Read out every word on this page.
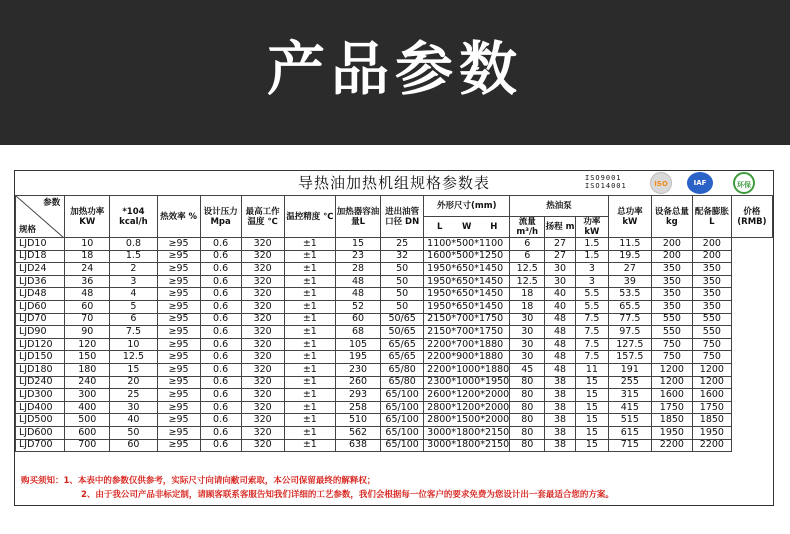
产品参数
导热油加热机组规格参数表	ISO9001
ISO14001	ISO	IAF	环保
参数
规格	加热功率KW	*104 kcal/h	热效率 %	设计压力 Mpa	最高工作温度 ℃	温控精度 ℃	加热器容油量L	进出油管口径 DN	外形尺寸(mm)	热油泵			总功率 kW	设备总量kg	配备膨胀L	价格 (RMB)
									L W H	流量 m³/h	扬程 m	功率 kW				
LJD10	10	0.8	≥95	0.6	320	±1	15	25	1100*500*1100	6	27	1.5	11.5	200	200	
LJD18	18	1.5	≥95	0.6	320	±1	23	32	1600*500*1250	6	27	1.5	19.5	200	200	
LJD24	24	2	≥95	0.6	320	±1	28	50	1950*650*1450	12.5	30	3	27	350	350	
LJD36	36	3	≥95	0.6	320	±1	48	50	1950*650*1450	12.5	30	3	39	350	350	
LJD48	48	4	≥95	0.6	320	±1	48	50	1950*650*1450	18	40	5.5	53.5	350	350	
LJD60	60	5	≥95	0.6	320	±1	52	50	1950*650*1450	18	40	5.5	65.5	350	350	
LJD70	70	6	≥95	0.6	320	±1	60	50/65	2150*700*1750	30	48	7.5	77.5	550	550	
LJD90	90	7.5	≥95	0.6	320	±1	68	50/65	2150*700*1750	30	48	7.5	97.5	550	550	
LJD120	120	10	≥95	0.6	320	±1	105	65/65	2200*700*1880	30	48	7.5	127.5	750	750	
LJD150	150	12.5	≥95	0.6	320	±1	195	65/65	2200*900*1880	30	48	7.5	157.5	750	750	
LJD180	180	15	≥95	0.6	320	±1	230	65/80	2200*1000*1880	45	48	11	191	1200	1200	
LJD240	240	20	≥95	0.6	320	±1	260	65/80	2300*1000*1950	80	38	15	255	1200	1200	
LJD300	300	25	≥95	0.6	320	±1	293	65/100	2600*1200*2000	80	38	15	315	1600	1600	
LJD400	400	30	≥95	0.6	320	±1	258	65/100	2800*1200*2000	80	38	15	415	1750	1750	
LJD500	500	40	≥95	0.6	320	±1	510	65/100	2800*1500*2000	80	38	15	515	1850	1850	
LJD600	600	50	≥95	0.6	320	±1	562	65/100	3000*1800*2150	80	38	15	615	1950	1950	
LJD700	700	60	≥95	0.6	320	±1	638	65/100	3000*1800*2150	80	38	15	715	2200	2200	
购买须知：1、本表中的参数仅供参考，实际尺寸向请向敝司索取，本公司保留最终的解释权；
2、由于我公司产品非标定制，请顾客联系客服告知我们详细的工艺参数，我们会根据每一位客户的要求免费为您设计出一套最适合您的方案。
